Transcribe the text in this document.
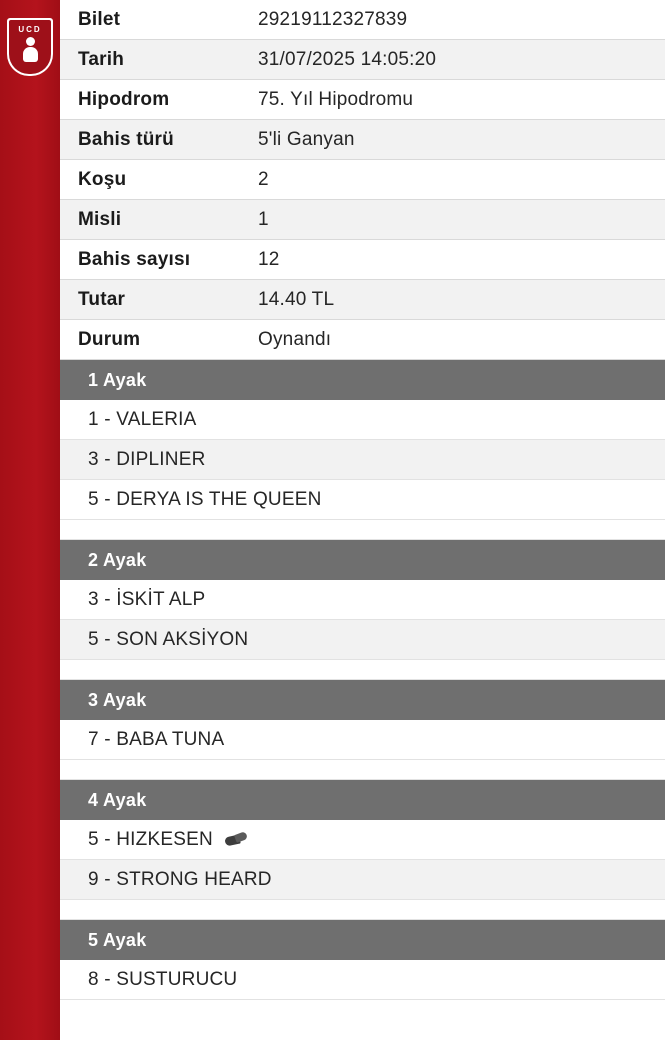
UCD Bilet	29219112327839
Tarih	31/07/2025 14:05:20
Hipodrom	75. Yıl Hipodromu
Bahis türü	5'li Ganyan
Koşu	2
Misli	1
Bahis sayısı	12
Tutar	14.40 TL
Durum	Oynandı
1 Ayak
1 - VALERIA
3 - DIPLINER
5 - DERYA IS THE QUEEN
2 Ayak
3 - İSKİT ALP
5 - SON AKSİYON
3 Ayak
7 - BABA TUNA
4 Ayak
5 - HIZKESEN
9 - STRONG HEARD
5 Ayak
8 - SUSTURUCU
